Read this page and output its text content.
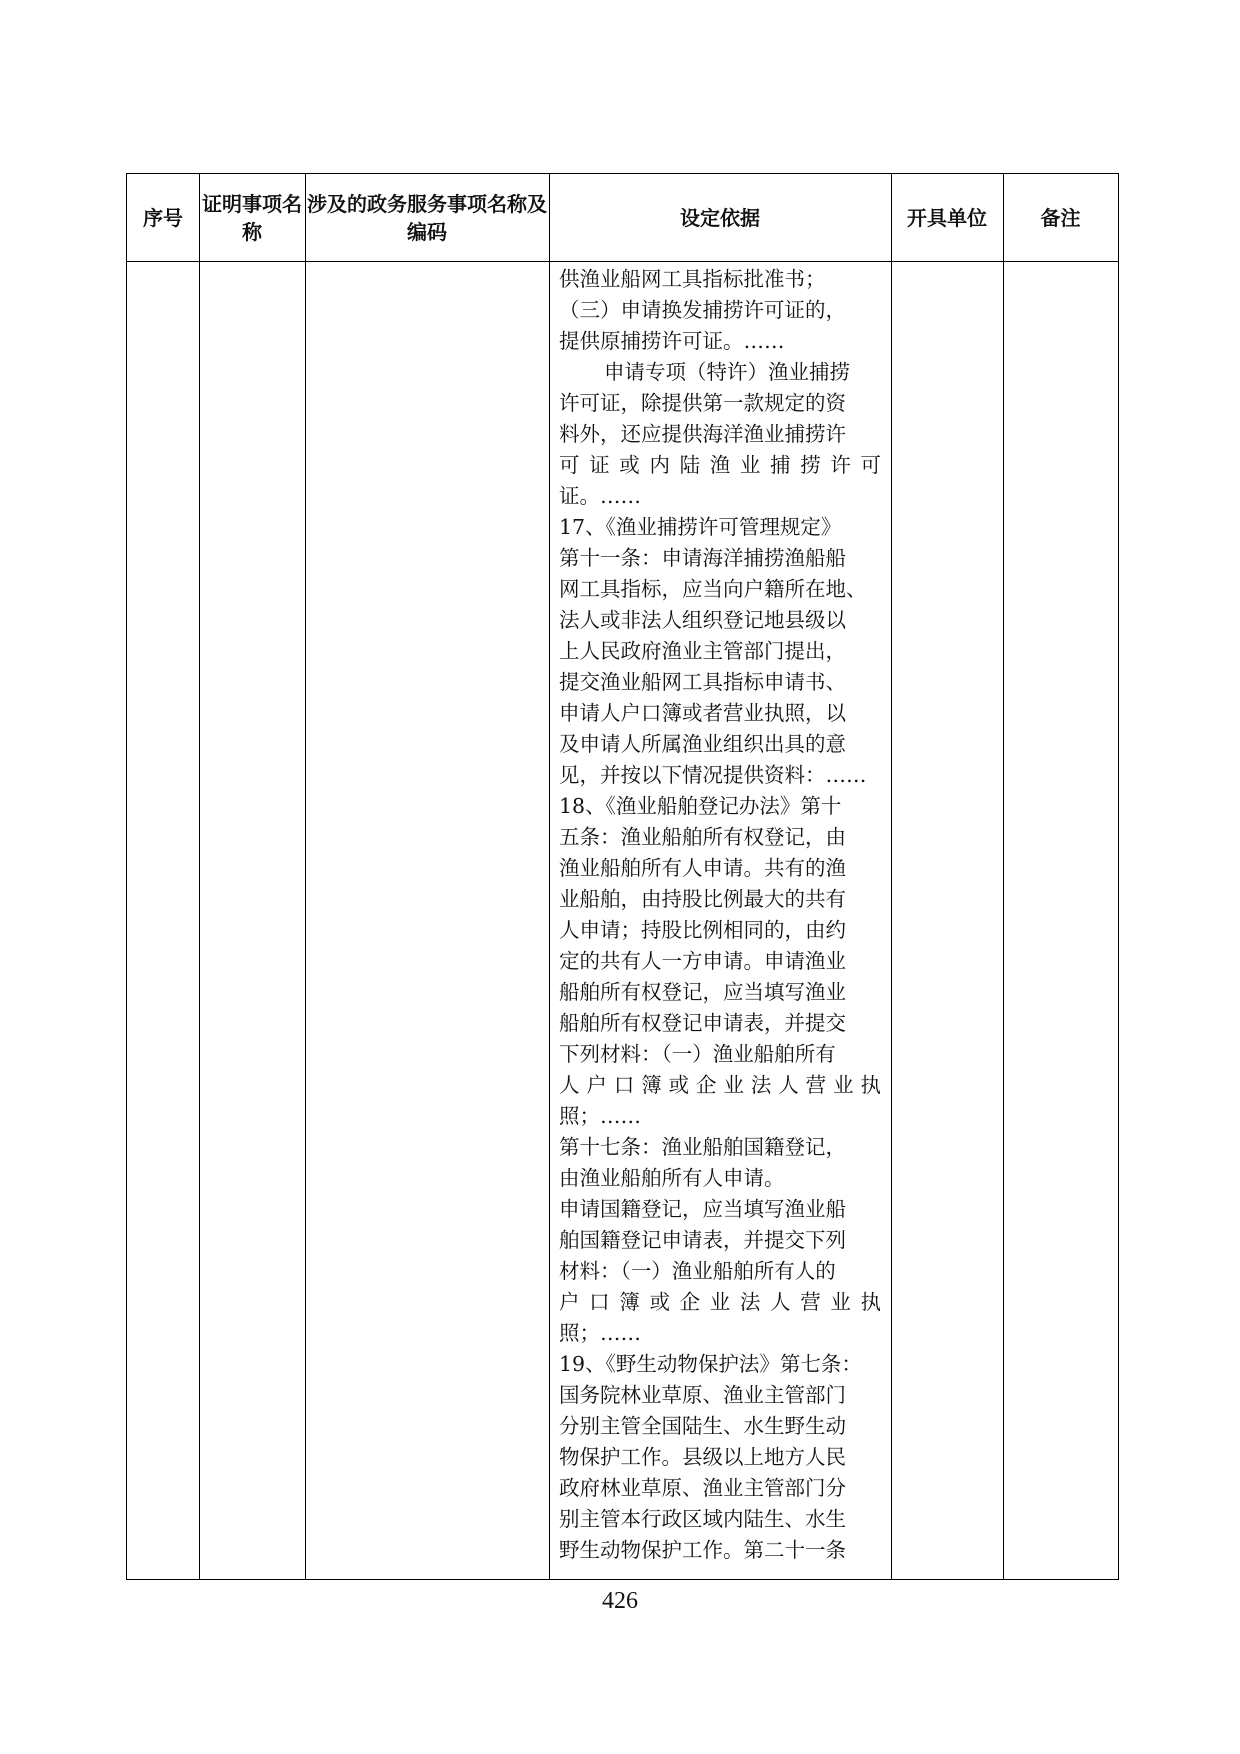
序号
证明事项名称
涉及的政务服务事项名称及编码
设定依据	开具单位	备注
供渔业船网工具指标批准书；
（三）申请换发捕捞许可证的，
提供原捕捞许可证。……
申请专项（特许）渔业捕捞
许可证，除提供第一款规定的资
料外，还应提供海洋渔业捕捞许
可证或内陆渔业捕捞许可
证。……
17、《渔业捕捞许可管理规定》
第十一条：申请海洋捕捞渔船船
网工具指标，应当向户籍所在地、
法人或非法人组织登记地县级以
上人民政府渔业主管部门提出，
提交渔业船网工具指标申请书、
申请人户口簿或者营业执照，以
及申请人所属渔业组织出具的意
见，并按以下情况提供资料：……
18、《渔业船舶登记办法》第十
五条：渔业船舶所有权登记，由
渔业船舶所有人申请。共有的渔
业船舶，由持股比例最大的共有
人申请；持股比例相同的，由约
定的共有人一方申请。申请渔业
船舶所有权登记，应当填写渔业
船舶所有权登记申请表，并提交
下列材料：（一）渔业船舶所有
人户口簿或企业法人营业执
照；……
第十七条：渔业船舶国籍登记，
由渔业船舶所有人申请。
申请国籍登记，应当填写渔业船
舶国籍登记申请表，并提交下列
材料：（一）渔业船舶所有人的
户口簿或企业法人营业执
照；……
19、《野生动物保护法》第七条：
国务院林业草原、渔业主管部门
分别主管全国陆生、水生野生动
物保护工作。县级以上地方人民
政府林业草原、渔业主管部门分
别主管本行政区域内陆生、水生
野生动物保护工作。第二十一条
426
